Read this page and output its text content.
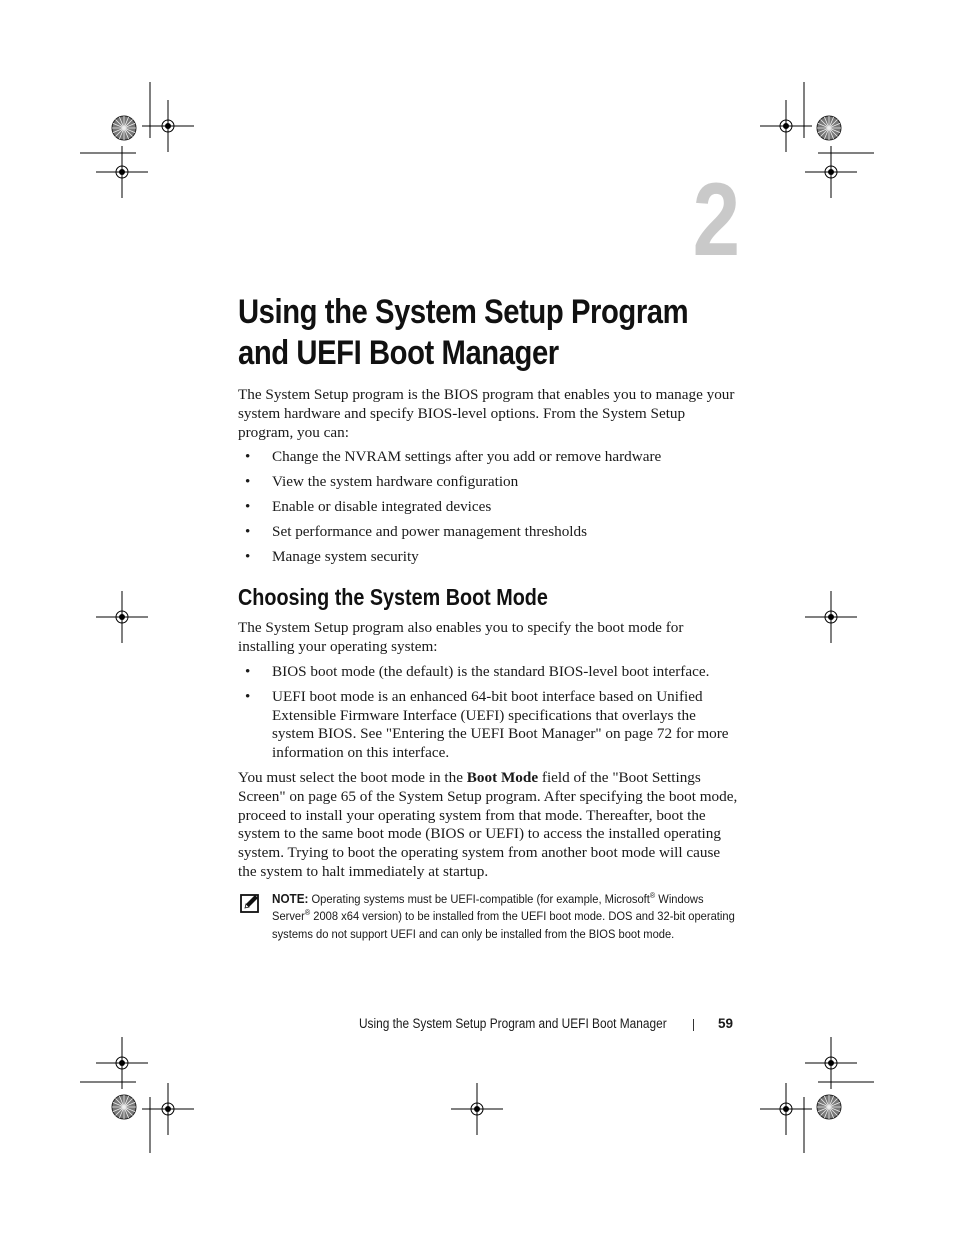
2
Using the System Setup Program
and UEFI Boot Manager

The System Setup program is the BIOS program that enables you to manage your system hardware and specify BIOS-level options. From the System Setup program, you can:

• Change the NVRAM settings after you add or remove hardware
• View the system hardware configuration
• Enable or disable integrated devices
• Set performance and power management thresholds
• Manage system security
Choosing the System Boot Mode

The System Setup program also enables you to specify the boot mode for installing your operating system:

• BIOS boot mode (the default) is the standard BIOS-level boot interface.
• UEFI boot mode is an enhanced 64-bit boot interface based on Unified Extensible Firmware Interface (UEFI) specifications that overlays the system BIOS. See "Entering the UEFI Boot Manager" on page 72 for more information on this interface.

You must select the boot mode in the Boot Mode field of the "Boot Settings Screen" on page 65 of the System Setup program. After specifying the boot mode, proceed to install your operating system from that mode. Thereafter, boot the system to the same boot mode (BIOS or UEFI) to access the installed operating system. Trying to boot the operating system from another boot mode will cause the system to halt immediately at startup.

NOTE: Operating systems must be UEFI-compatible (for example, Microsoft® Windows Server® 2008 x64 version) to be installed from the UEFI boot mode. DOS and 32-bit operating systems do not support UEFI and can only be installed from the BIOS boot mode.
Using the System Setup Program and UEFI Boot Manager	59
